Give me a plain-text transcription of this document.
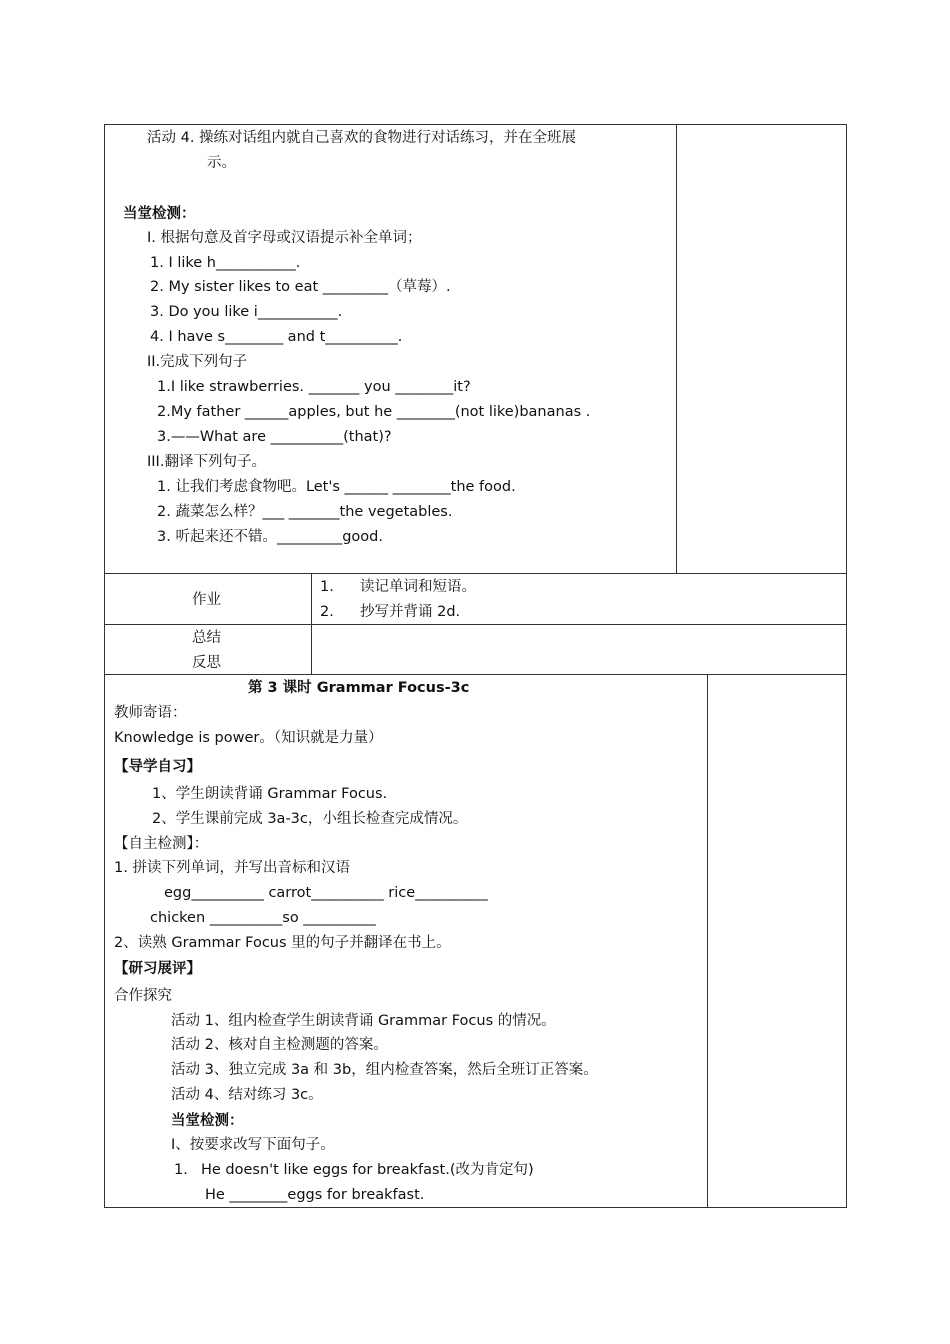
活动 4. 操练对话组内就自己喜欢的食物进行对话练习，并在全班展
示。
当堂检测：
I. 根据句意及首字母或汉语提示补全单词；
1. I like h___________.
2. My sister likes to eat _________（草莓）.
3. Do you like i___________.
4. I have s________ and t__________.
II.完成下列句子
1.I like strawberries. _______ you ________it?
2.My father ______apples, but he ________(not like)bananas .
3.——What are __________(that)?
III.翻译下列句子。
1. 让我们考虑食物吧。Let's ______ ________the food.
2. 蔬菜怎么样？___ _______the vegetables.
3. 听起来还不错。_________good.
作业
1. 读记单词和短语。
2. 抄写并背诵 2d.
总结
反思
第 3 课时 Grammar Focus-3c
教师寄语：
Knowledge is power。（知识就是力量）
【导学自习】
1、学生朗读背诵 Grammar Focus.
2、学生课前完成 3a-3c，小组长检查完成情况。
【自主检测】：
1. 拼读下列单词，并写出音标和汉语
egg__________ carrot__________ rice__________
chicken __________so __________
2、读熟 Grammar Focus 里的句子并翻译在书上。
【研习展评】
合作探究
活动 1、组内检查学生朗读背诵 Grammar Focus 的情况。
活动 2、核对自主检测题的答案。
活动 3、独立完成 3a 和 3b，组内检查答案，然后全班订正答案。
活动 4、结对练习 3c。
当堂检测：
Ⅰ、按要求改写下面句子。
1. He doesn't like eggs for breakfast.(改为肯定句)
He ________eggs for breakfast.
